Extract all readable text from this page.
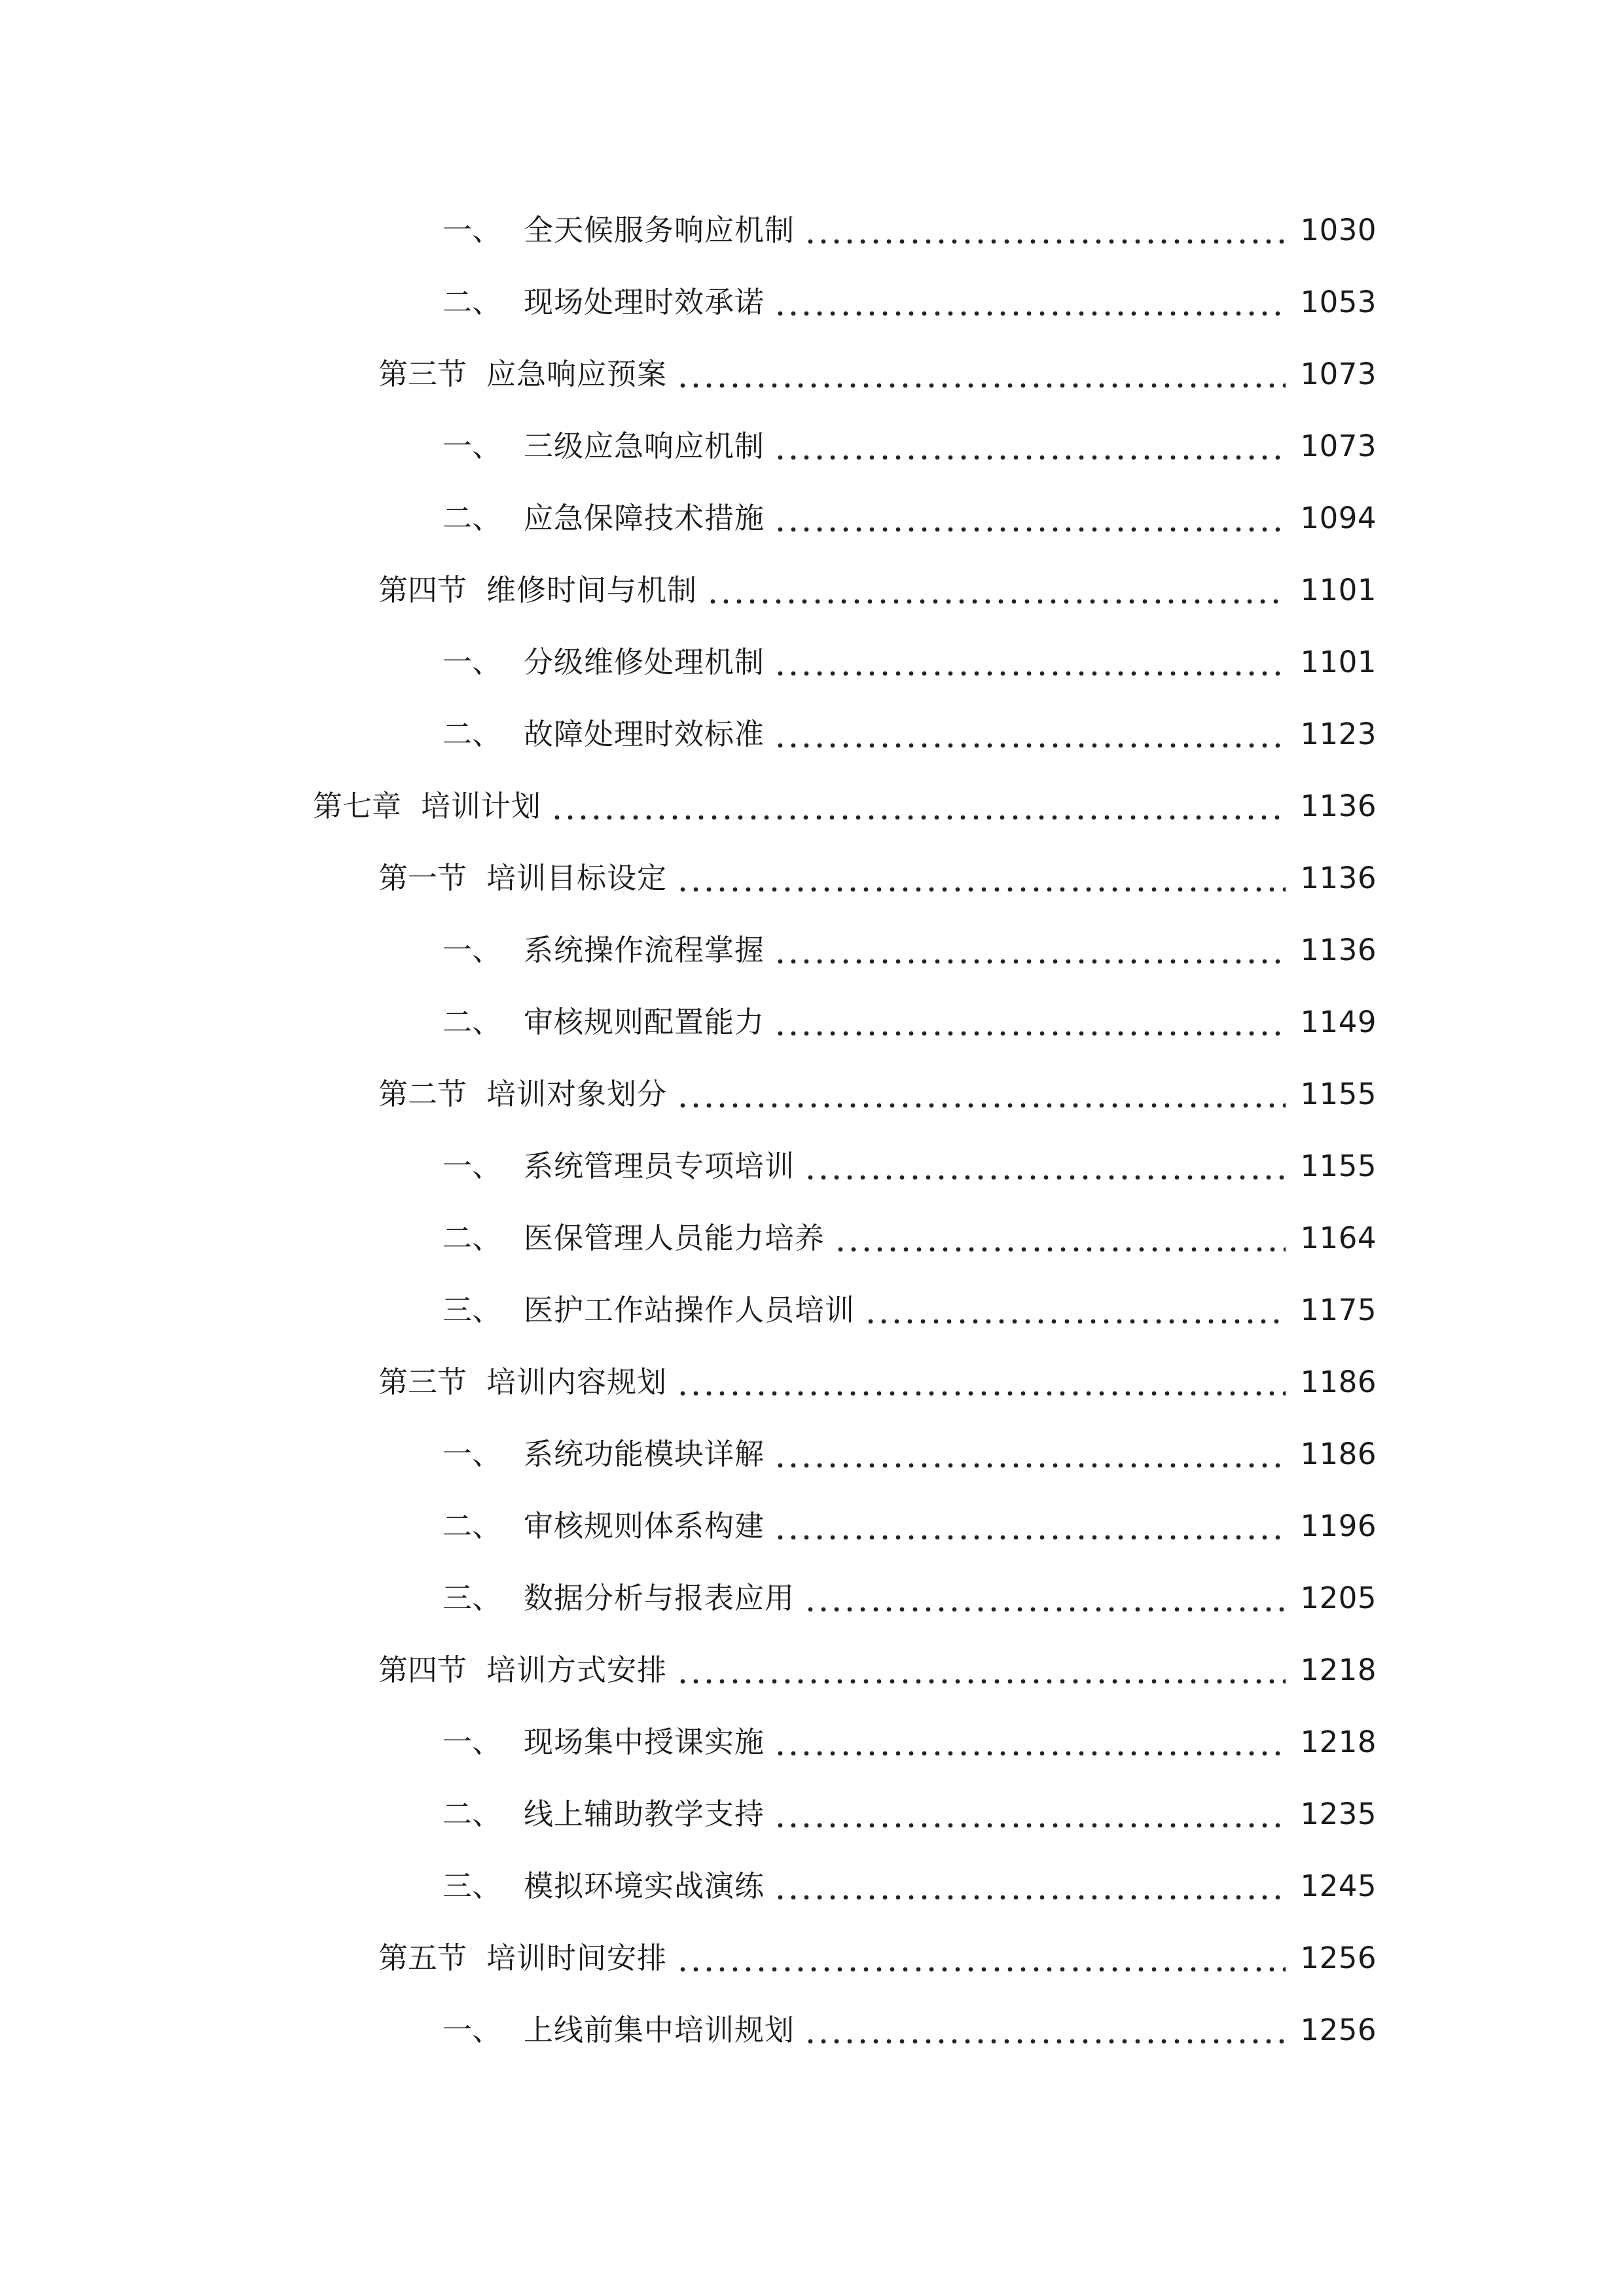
一、 全天候服务响应机制	1030
二、 现场处理时效承诺	1053
第三节 应急响应预案	1073
一、 三级应急响应机制	1073
二、 应急保障技术措施	1094
第四节 维修时间与机制	1101
一、 分级维修处理机制	1101
二、 故障处理时效标准	1123
第七章 培训计划	1136
第一节 培训目标设定	1136
一、 系统操作流程掌握	1136
二、 审核规则配置能力	1149
第二节 培训对象划分	1155
一、 系统管理员专项培训	1155
二、 医保管理人员能力培养	1164
三、 医护工作站操作人员培训	1175
第三节 培训内容规划	1186
一、 系统功能模块详解	1186
二、 审核规则体系构建	1196
三、 数据分析与报表应用	1205
第四节 培训方式安排	1218
一、 现场集中授课实施	1218
二、 线上辅助教学支持	1235
三、 模拟环境实战演练	1245
第五节 培训时间安排	1256
一、 上线前集中培训规划	1256
